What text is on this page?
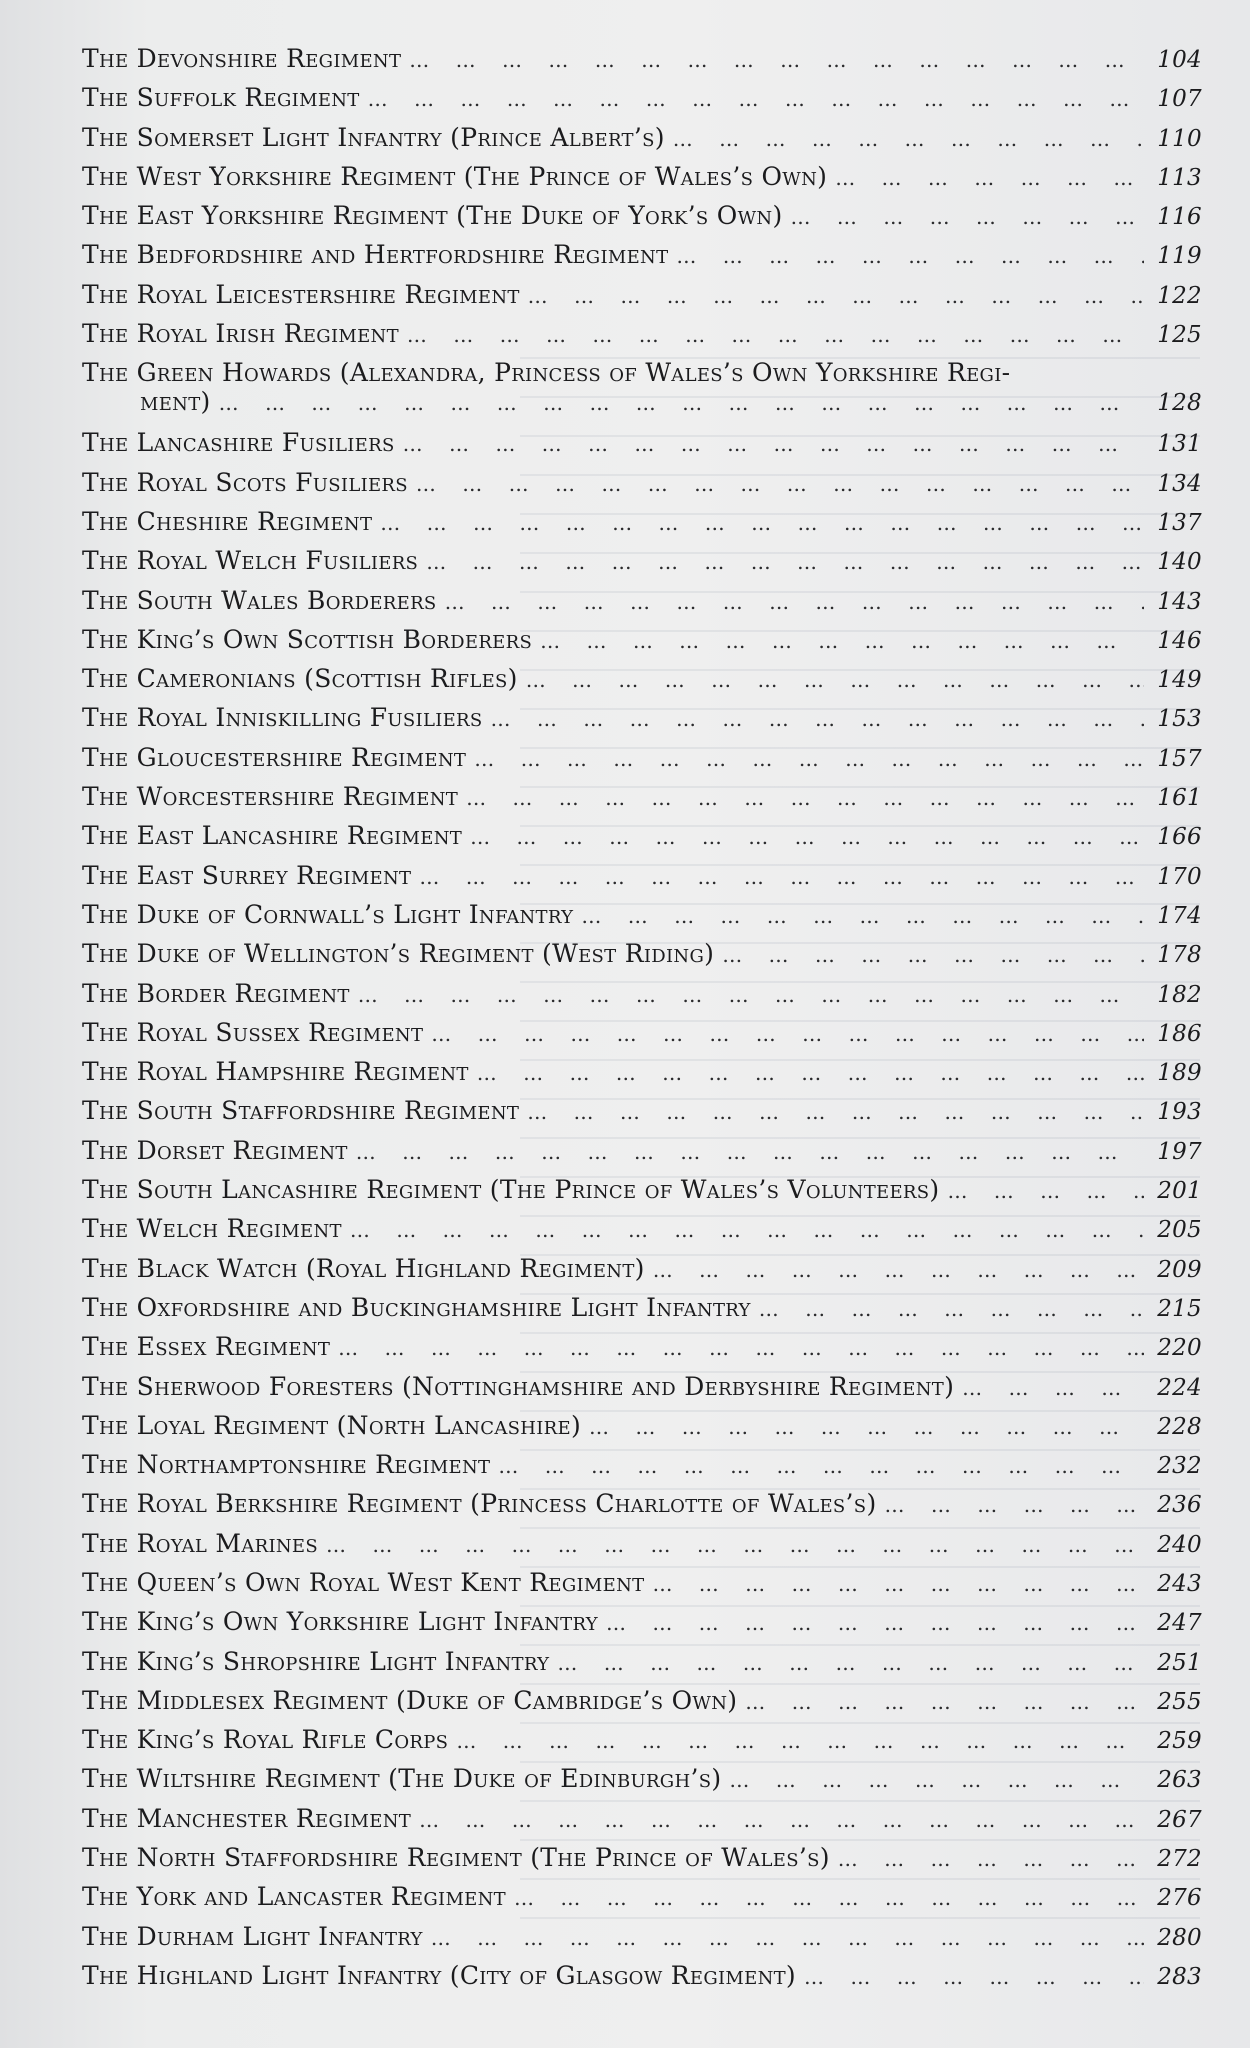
The Devonshire Regiment … … … … … … … … … … … … … … … … … … … … … … … …	104
The Suffolk Regiment … … … … … … … … … … … … … … … … … … … … … … … …	107
The Somerset Light Infantry (Prince Albert’s) … … … … … … … … … … … … … … … … … … … … … … … …	110
The West Yorkshire Regiment (The Prince of Wales’s Own) … … … … … … … … … … … … … … … … … … … … … … … …	113
The East Yorkshire Regiment (The Duke of York’s Own) … … … … … … … … … … … … … … … … … … … … … … … …	116
The Bedfordshire and Hertfordshire Regiment … … … … … … … … … … … … … … … … … … … … … … … …	119
The Royal Leicestershire Regiment … … … … … … … … … … … … … … … … … … … … … … … …	122
The Royal Irish Regiment … … … … … … … … … … … … … … … … … … … … … … … …	125
The Green Howards (Alexandra, Princess of Wales’s Own Yorkshire Regi-
ment) … … … … … … … … … … … … … … … … … … … … … … … …	128
The Lancashire Fusiliers … … … … … … … … … … … … … … … … … … … … … … … …	131
The Royal Scots Fusiliers … … … … … … … … … … … … … … … … … … … … … … … …	134
The Cheshire Regiment … … … … … … … … … … … … … … … … … … … … … … … …	137
The Royal Welch Fusiliers … … … … … … … … … … … … … … … … … … … … … … … …	140
The South Wales Borderers … … … … … … … … … … … … … … … … … … … … … … … …	143
The King’s Own Scottish Borderers … … … … … … … … … … … … … … … … … … … … … … … …	146
The Cameronians (Scottish Rifles) … … … … … … … … … … … … … … … … … … … … … … … …	149
The Royal Inniskilling Fusiliers … … … … … … … … … … … … … … … … … … … … … … … …	153
The Gloucestershire Regiment … … … … … … … … … … … … … … … … … … … … … … … …	157
The Worcestershire Regiment … … … … … … … … … … … … … … … … … … … … … … … …	161
The East Lancashire Regiment … … … … … … … … … … … … … … … … … … … … … … … …	166
The East Surrey Regiment … … … … … … … … … … … … … … … … … … … … … … … …	170
The Duke of Cornwall’s Light Infantry … … … … … … … … … … … … … … … … … … … … … … … …	174
The Duke of Wellington’s Regiment (West Riding) … … … … … … … … … … … … … … … … … … … … … … … …	178
The Border Regiment … … … … … … … … … … … … … … … … … … … … … … … …	182
The Royal Sussex Regiment … … … … … … … … … … … … … … … … … … … … … … … …	186
The Royal Hampshire Regiment … … … … … … … … … … … … … … … … … … … … … … … …	189
The South Staffordshire Regiment … … … … … … … … … … … … … … … … … … … … … … … …	193
The Dorset Regiment … … … … … … … … … … … … … … … … … … … … … … … …	197
The South Lancashire Regiment (The Prince of Wales’s Volunteers) … … … … … … … … … … … … … … … … … … … … … … … …	201
The Welch Regiment … … … … … … … … … … … … … … … … … … … … … … … …	205
The Black Watch (Royal Highland Regiment) … … … … … … … … … … … … … … … … … … … … … … … …	209
The Oxfordshire and Buckinghamshire Light Infantry … … … … … … … … … … … … … … … … … … … … … … … …	215
The Essex Regiment … … … … … … … … … … … … … … … … … … … … … … … …	220
The Sherwood Foresters (Nottinghamshire and Derbyshire Regiment) … … … … … … … … … … … … … … … … … … … … … … … …	224
The Loyal Regiment (North Lancashire) … … … … … … … … … … … … … … … … … … … … … … … …	228
The Northamptonshire Regiment … … … … … … … … … … … … … … … … … … … … … … … …	232
The Royal Berkshire Regiment (Princess Charlotte of Wales’s) … … … … … … … … … … … … … … … … … … … … … … … …	236
The Royal Marines … … … … … … … … … … … … … … … … … … … … … … … …	240
The Queen’s Own Royal West Kent Regiment … … … … … … … … … … … … … … … … … … … … … … … …	243
The King’s Own Yorkshire Light Infantry … … … … … … … … … … … … … … … … … … … … … … … …	247
The King’s Shropshire Light Infantry … … … … … … … … … … … … … … … … … … … … … … … …	251
The Middlesex Regiment (Duke of Cambridge’s Own) … … … … … … … … … … … … … … … … … … … … … … … …	255
The King’s Royal Rifle Corps … … … … … … … … … … … … … … … … … … … … … … … …	259
The Wiltshire Regiment (The Duke of Edinburgh’s) … … … … … … … … … … … … … … … … … … … … … … … …	263
The Manchester Regiment … … … … … … … … … … … … … … … … … … … … … … … …	267
The North Staffordshire Regiment (The Prince of Wales’s) … … … … … … … … … … … … … … … … … … … … … … … …	272
The York and Lancaster Regiment … … … … … … … … … … … … … … … … … … … … … … … …	276
The Durham Light Infantry … … … … … … … … … … … … … … … … … … … … … … … …	280
The Highland Light Infantry (City of Glasgow Regiment) … … … … … … … … … … … … … … … … … … … … … … … …	283
